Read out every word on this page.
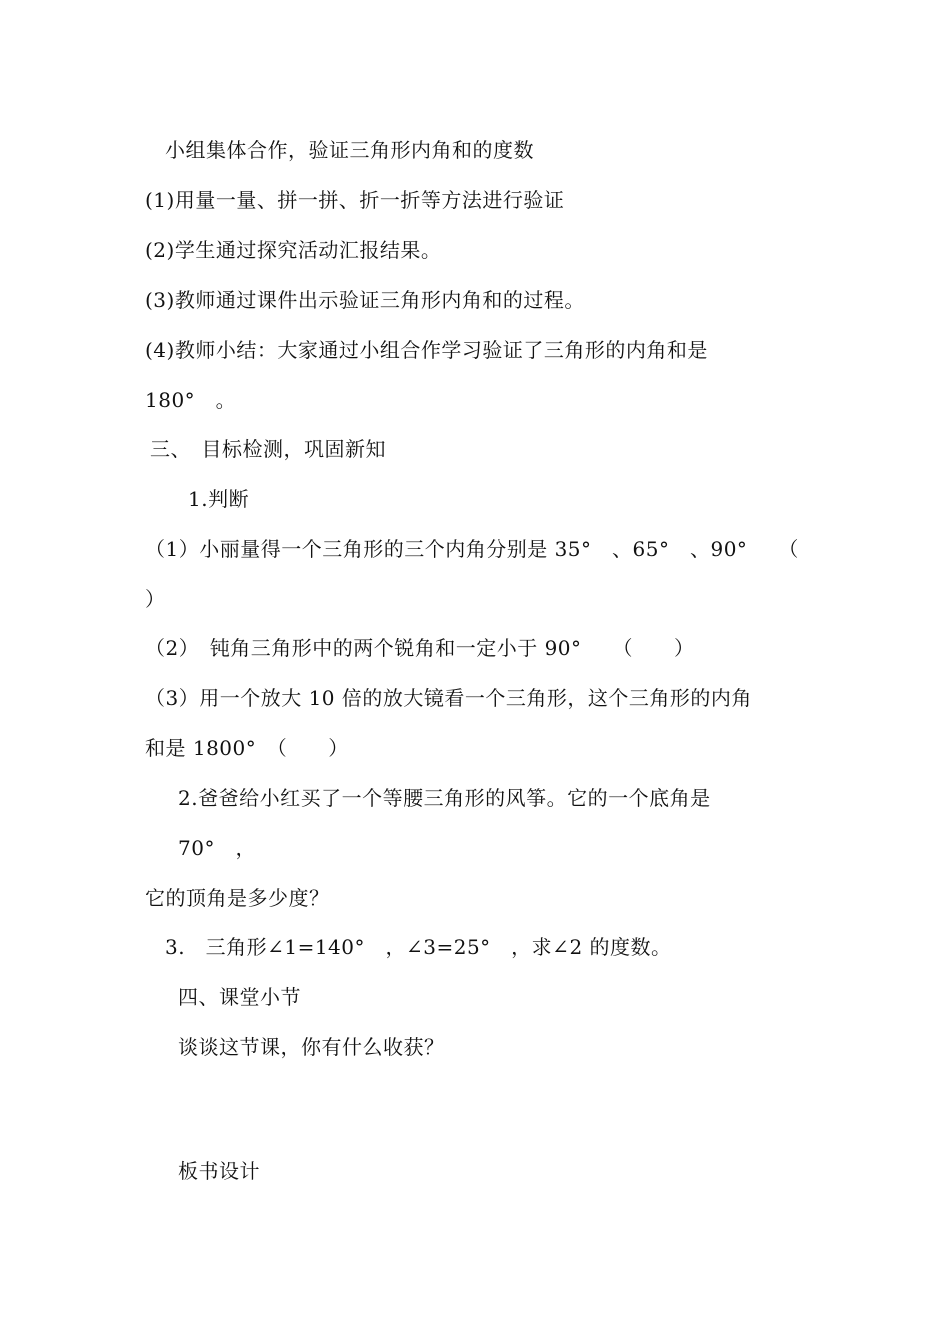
小组集体合作，验证三角形内角和的度数
(1)用量一量、拼一拼、折一折等方法进行验证
(2)学生通过探究活动汇报结果。
(3)教师通过课件出示验证三角形内角和的过程。
(4)教师小结：大家通过小组合作学习验证了三角形的内角和是
180°　。
三、　目标检测，巩固新知
1.判断
（1）小丽量得一个三角形的三个内角分别是 35°　、65°　、90°　　（
）
（2）　钝角三角形中的两个锐角和一定小于 90°　　（　　）
（3）用一个放大 10 倍的放大镜看一个三角形，这个三角形的内角
和是 1800°　（　　）
2.爸爸给小红买了一个等腰三角形的风筝。它的一个底角是
70°　，
它的顶角是多少度？
3.　三角形∠1=140°　，∠3=25°　，求∠2 的度数。
四、课堂小节
谈谈这节课，你有什么收获？
板书设计
